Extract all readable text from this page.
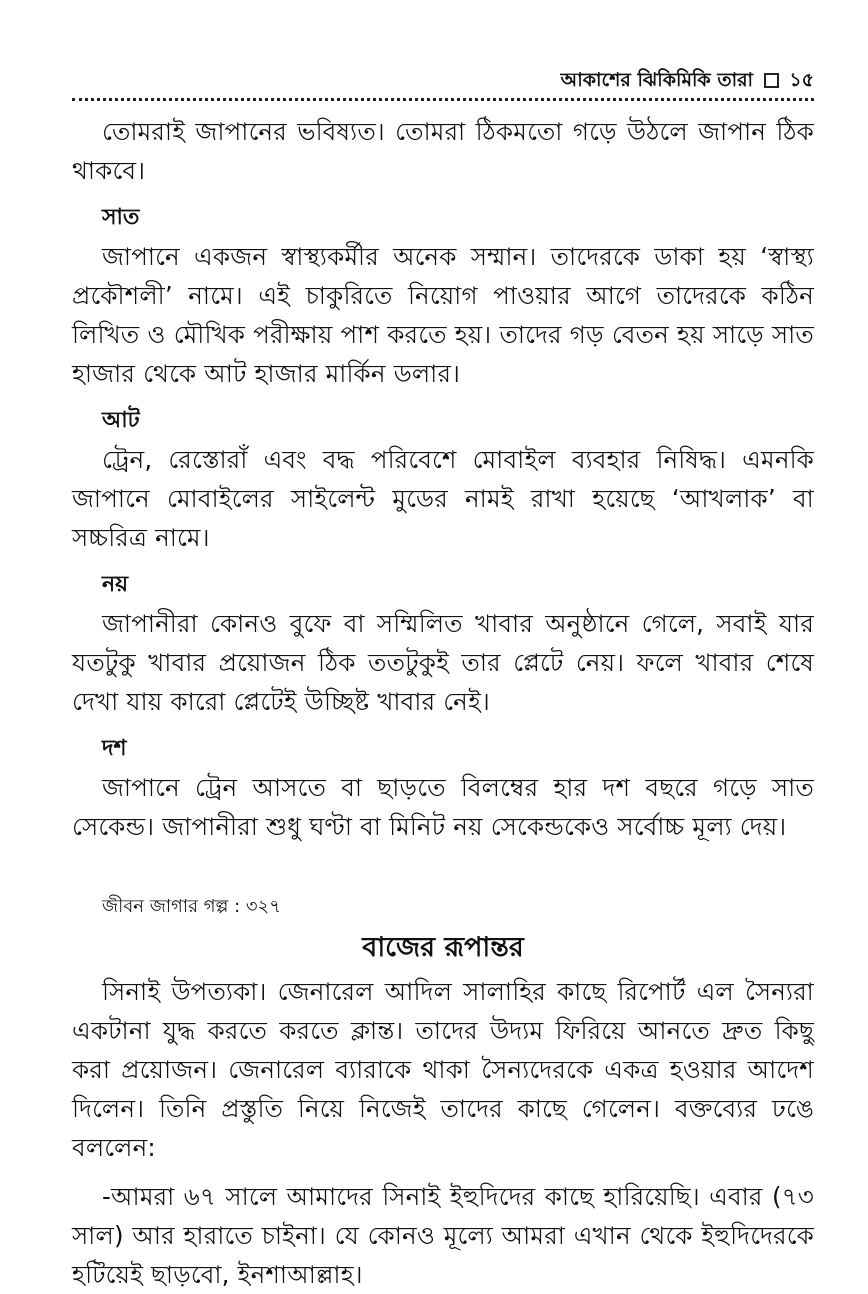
আকাশের ঝিকিমিকি তারা ১৫

তোমরাই জাপানের ভবিষ্যত। তোমরা ঠিকমতো গড়ে উঠলে জাপান ঠিক থাকবে।

সাত

জাপানে একজন স্বাস্থ্যকর্মীর অনেক সম্মান। তাদেরকে ডাকা হয় ‘স্বাস্থ্য প্রকৌশলী’ নামে। এই চাকুরিতে নিয়োগ পাওয়ার আগে তাদেরকে কঠিন লিখিত ও মৌখিক পরীক্ষায় পাশ করতে হয়। তাদের গড় বেতন হয় সাড়ে সাত হাজার থেকে আট হাজার মার্কিন ডলার।

আট

ট্রেন, রেস্তোরাঁ এবং বদ্ধ পরিবেশে মোবাইল ব্যবহার নিষিদ্ধ। এমনকি জাপানে মোবাইলের সাইলেন্ট মুডের নামই রাখা হয়েছে ‘আখলাক’ বা সচ্চরিত্র নামে।

নয়

জাপানীরা কোনও বুফে বা সম্মিলিত খাবার অনুষ্ঠানে গেলে, সবাই যার যতটুকু খাবার প্রয়োজন ঠিক ততটুকুই তার প্লেটে নেয়। ফলে খাবার শেষে দেখা যায় কারো প্লেটেই উচ্ছিষ্ট খাবার নেই।

দশ

জাপানে ট্রেন আসতে বা ছাড়তে বিলম্বের হার দশ বছরে গড়ে সাত সেকেন্ড। জাপানীরা শুধু ঘণ্টা বা মিনিট নয় সেকেন্ডকেও সর্বোচ্চ মূল্য দেয়।

জীবন জাগার গল্প : ৩২৭
বাজের রূপান্তর

সিনাই উপত্যকা। জেনারেল আদিল সালাহির কাছে রিপোর্ট এল সৈন্যরা একটানা যুদ্ধ করতে করতে ক্লান্ত। তাদের উদ্যম ফিরিয়ে আনতে দ্রুত কিছু করা প্রয়োজন। জেনারেল ব্যারাকে থাকা সৈন্যদেরকে একত্র হওয়ার আদেশ দিলেন। তিনি প্রস্তুতি নিয়ে নিজেই তাদের কাছে গেলেন। বক্তব্যের ঢঙে বললেন:

-আমরা ৬৭ সালে আমাদের সিনাই ইহুদিদের কাছে হারিয়েছি। এবার (৭৩ সাল) আর হারাতে চাইনা। যে কোনও মূল্যে আমরা এখান থেকে ইহুদিদেরকে হটিয়েই ছাড়বো, ইনশাআল্লাহ।
